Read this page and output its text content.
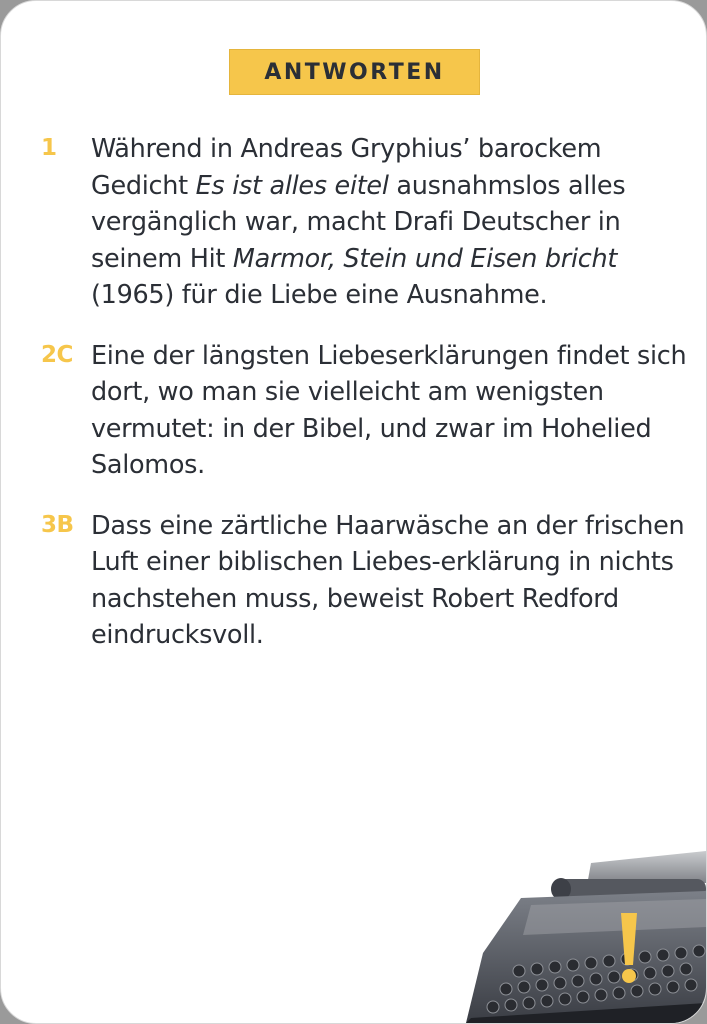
ANTWORTEN
1 Während in Andreas Gryphius’ barockem Gedicht Es ist alles eitel ausnahmslos alles vergänglich war, macht Drafi Deutscher in seinem Hit Marmor, Stein und Eisen bricht (1965) für die Liebe eine Ausnahme.
2C Eine der längsten Liebeserklärungen findet sich dort, wo man sie vielleicht am wenigsten vermutet: in der Bibel, und zwar im Hohelied Salomos.
3B Dass eine zärtliche Haarwäsche an der frischen Luft einer biblischen Liebes-erklärung in nichts nachstehen muss, beweist Robert Redford eindrucksvoll.
